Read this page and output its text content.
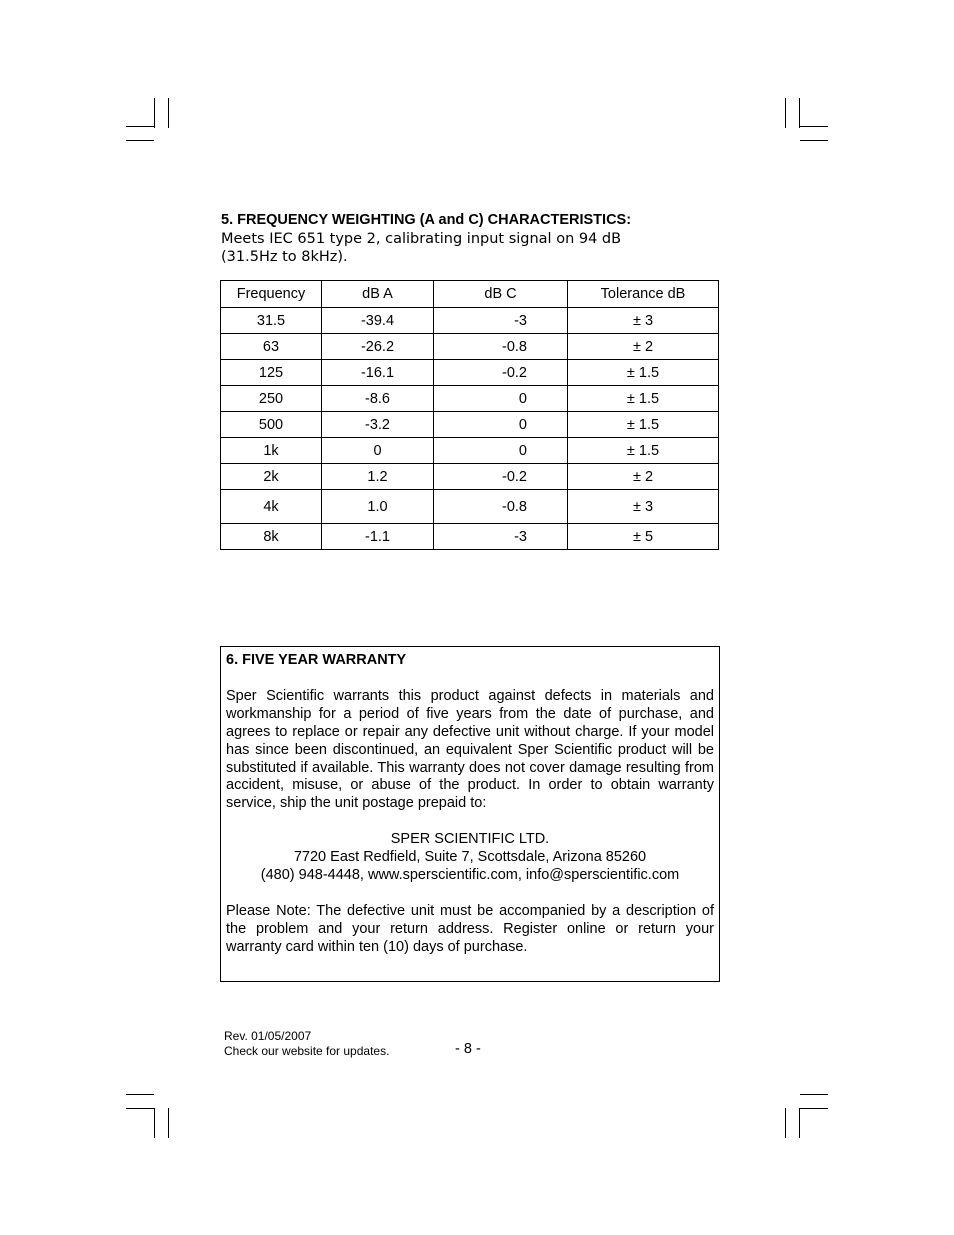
5. FREQUENCY WEIGHTING (A and C) CHARACTERISTICS:
Meets IEC 651 type 2, calibrating input signal on 94 dB
(31.5Hz to 8kHz).
Frequency	dB A	dB C	Tolerance dB
31.5	-39.4	-3	± 3
63	-26.2	-0.8	± 2
125	-16.1	-0.2	± 1.5
250	-8.6	0	± 1.5
500	-3.2	0	± 1.5
1k	0	0	± 1.5
2k	1.2	-0.2	± 2
4k	1.0	-0.8	± 3
8k	-1.1	-3	± 5
6. FIVE YEAR WARRANTY

Sper Scientific warrants this product against defects in materials and workmanship for a period of five years from the date of purchase, and agrees to replace or repair any defective unit without charge. If your model has since been discontinued, an equivalent Sper Scientific product will be substituted if available. This warranty does not cover damage resulting from accident, misuse, or abuse of the product. In order to obtain warranty service, ship the unit postage prepaid to:

SPER SCIENTIFIC LTD.
7720 East Redfield, Suite 7, Scottsdale, Arizona 85260
(480) 948-4448, www.sperscientific.com, info@sperscientific.com

Please Note: The defective unit must be accompanied by a description of the problem and your return address. Register online or return your warranty card within ten (10) days of purchase.

Rev. 01/05/2007
Check our website for updates.	- 8 -
